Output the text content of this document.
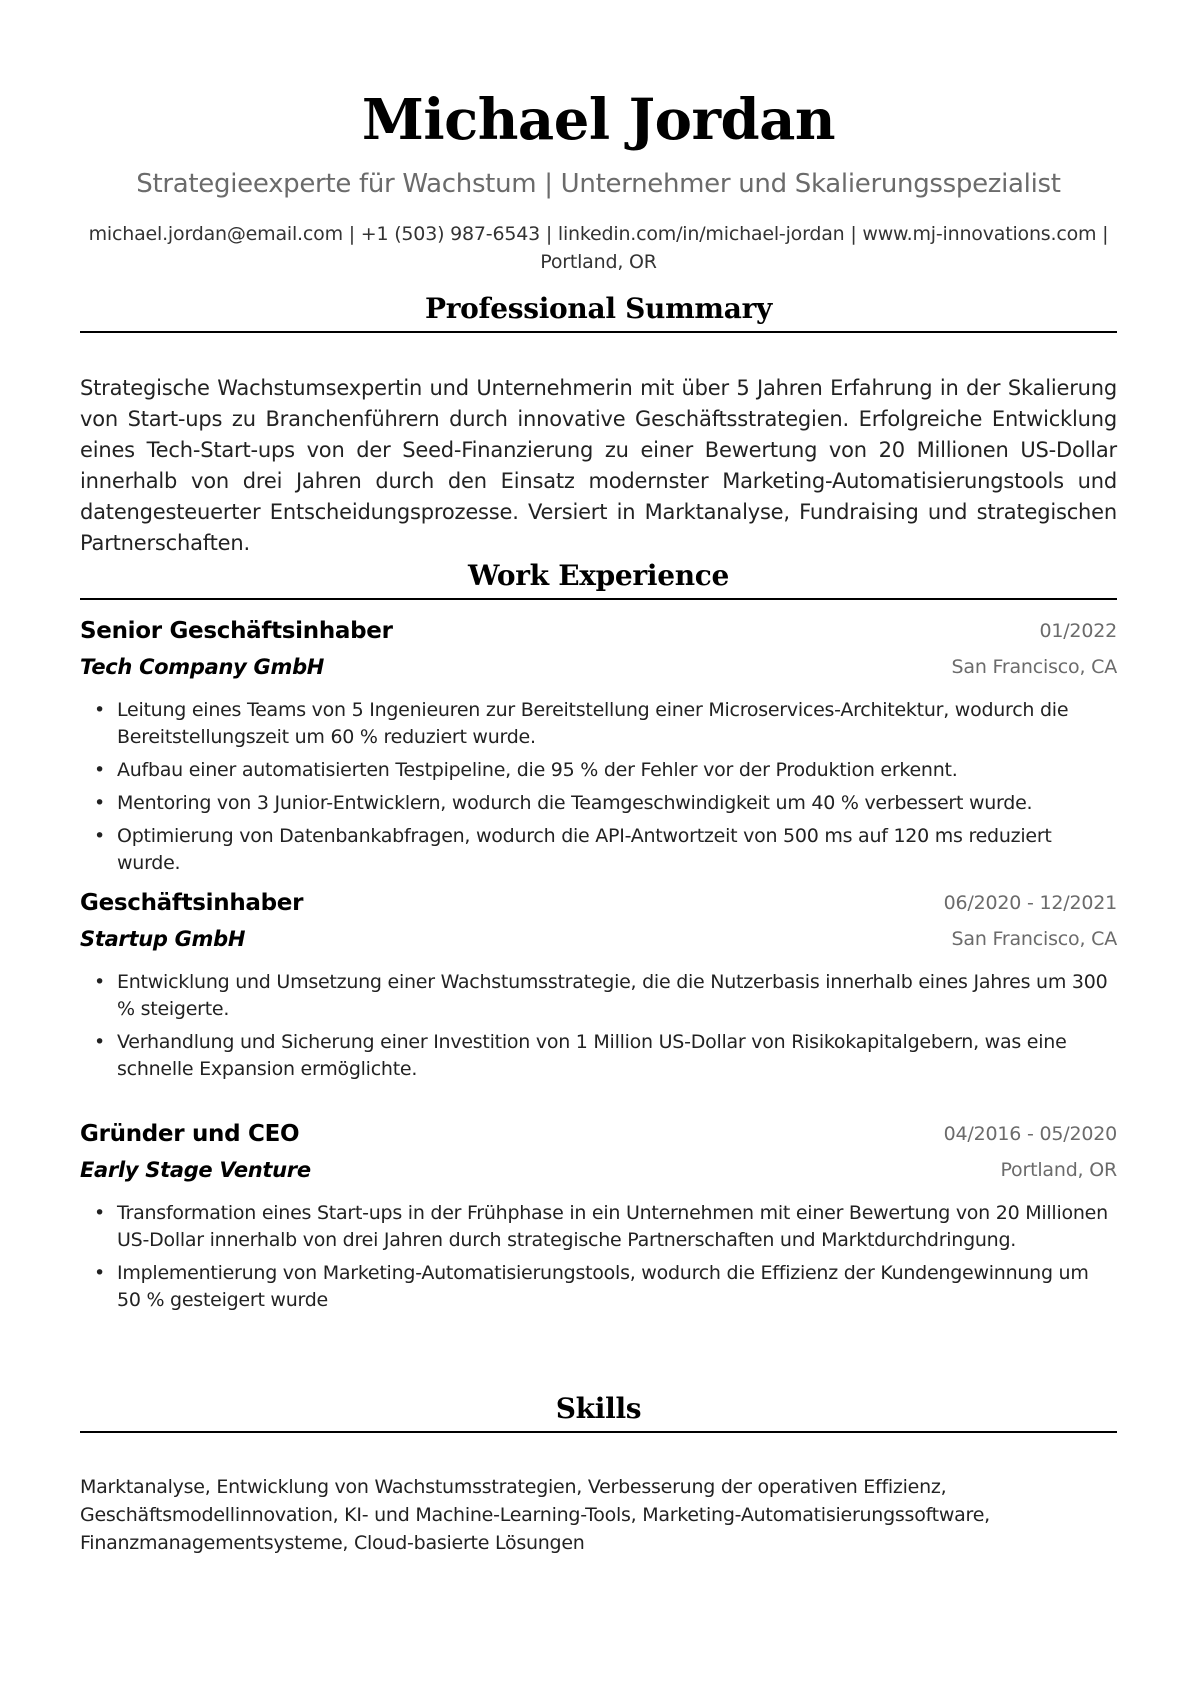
Michael Jordan
Strategieexperte für Wachstum | Unternehmer und Skalierungsspezialist
michael.jordan@email.com | +1 (503) 987-6543 | linkedin.com/in/michael-jordan | www.mj-innovations.com |
Portland, OR
Professional Summary
Strategische Wachstumsexpertin und Unternehmerin mit über 5 Jahren Erfahrung in der Skalierung von Start-ups zu Branchenführern durch innovative Geschäftsstrategien. Erfolgreiche Entwicklung eines Tech-Start-ups von der Seed-Finanzierung zu einer Bewertung von 20 Millionen US-Dollar innerhalb von drei Jahren durch den Einsatz modernster Marketing-Automatisierungstools und datengesteuerter Entscheidungsprozesse. Versiert in Marktanalyse, Fundraising und strategischen Partnerschaften.
Work Experience
Senior Geschäftsinhaber	01/2022
Tech Company GmbH	San Francisco, CA
• Leitung eines Teams von 5 Ingenieuren zur Bereitstellung einer Microservices-Architektur, wodurch die Bereitstellungszeit um 60 % reduziert wurde.
• Aufbau einer automatisierten Testpipeline, die 95 % der Fehler vor der Produktion erkennt.
• Mentoring von 3 Junior-Entwicklern, wodurch die Teamgeschwindigkeit um 40 % verbessert wurde.
• Optimierung von Datenbankabfragen, wodurch die API-Antwortzeit von 500 ms auf 120 ms reduziert wurde.
Geschäftsinhaber	06/2020 - 12/2021
Startup GmbH	San Francisco, CA
• Entwicklung und Umsetzung einer Wachstumsstrategie, die die Nutzerbasis innerhalb eines Jahres um 300 % steigerte.
• Verhandlung und Sicherung einer Investition von 1 Million US-Dollar von Risikokapitalgebern, was eine schnelle Expansion ermöglichte.
Gründer und CEO	04/2016 - 05/2020
Early Stage Venture	Portland, OR
• Transformation eines Start-ups in der Frühphase in ein Unternehmen mit einer Bewertung von 20 Millionen US-Dollar innerhalb von drei Jahren durch strategische Partnerschaften und Marktdurchdringung.
• Implementierung von Marketing-Automatisierungstools, wodurch die Effizienz der Kundengewinnung um 50 % gesteigert wurde
Skills
Marktanalyse, Entwicklung von Wachstumsstrategien, Verbesserung der operativen Effizienz, Geschäftsmodellinnovation, KI- und Machine-Learning-Tools, Marketing-Automatisierungssoftware, Finanzmanagementsysteme, Cloud-basierte Lösungen
